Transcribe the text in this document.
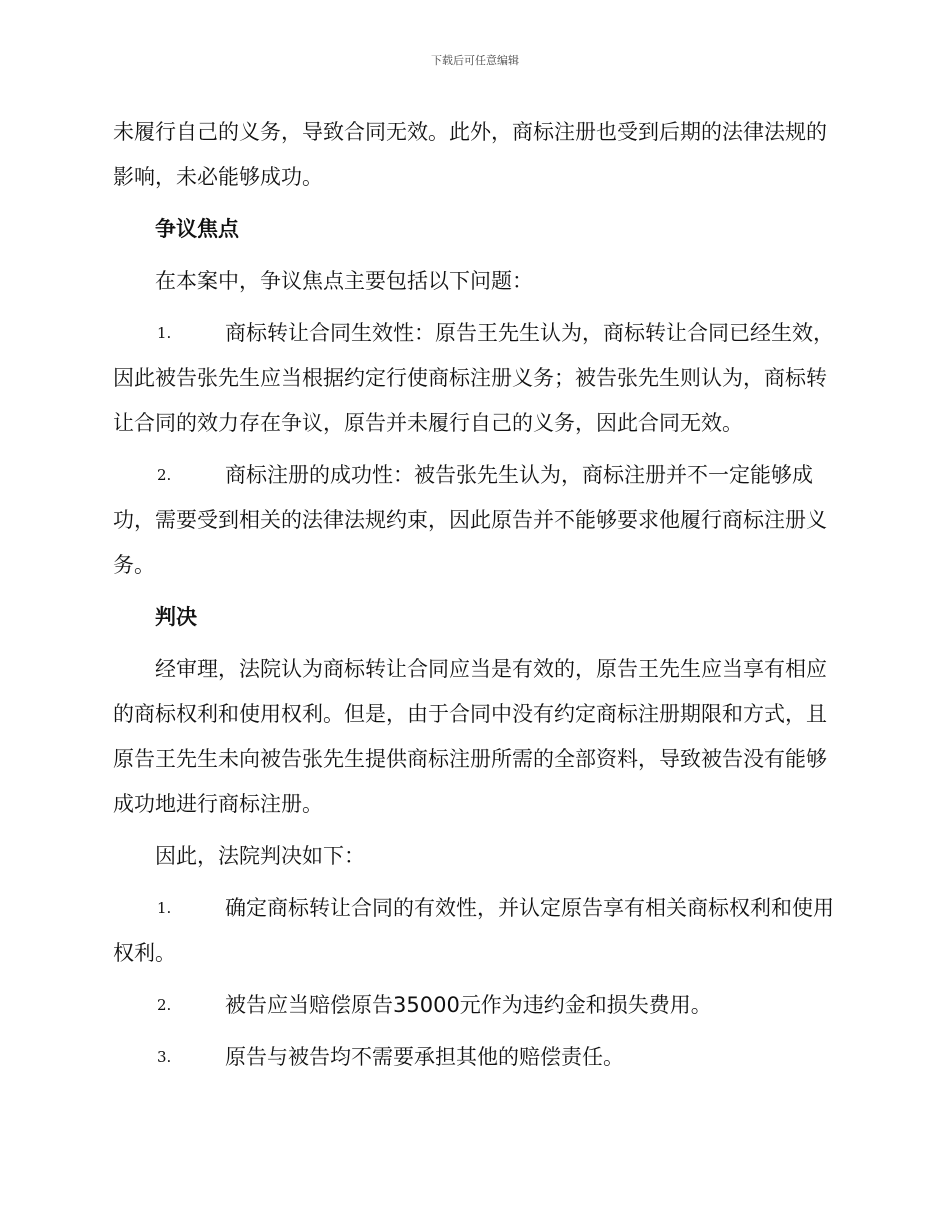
下载后可任意编辑

未履行自己的义务，导致合同无效。此外，商标注册也受到后期的法律法规的影响，未必能够成功。

争议焦点

在本案中，争议焦点主要包括以下问题：

1.	商标转让合同生效性：原告王先生认为，商标转让合同已经生效，因此被告张先生应当根据约定行使商标注册义务；被告张先生则认为，商标转让合同的效力存在争议，原告并未履行自己的义务，因此合同无效。

2.	商标注册的成功性：被告张先生认为，商标注册并不一定能够成功，需要受到相关的法律法规约束，因此原告并不能够要求他履行商标注册义务。

判决

经审理，法院认为商标转让合同应当是有效的，原告王先生应当享有相应的商标权利和使用权利。但是，由于合同中没有约定商标注册期限和方式，且原告王先生未向被告张先生提供商标注册所需的全部资料，导致被告没有能够成功地进行商标注册。

因此，法院判决如下：

1.	确定商标转让合同的有效性，并认定原告享有相关商标权利和使用权利。

2.	被告应当赔偿原告35000元作为违约金和损失费用。

3.	原告与被告均不需要承担其他的赔偿责任。
